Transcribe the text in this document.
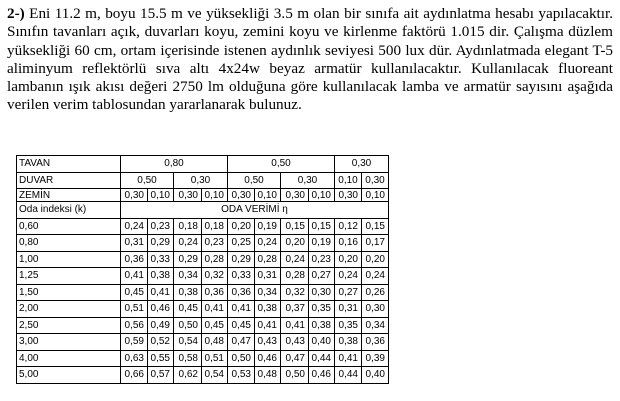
2-) Eni 11.2 m, boyu 15.5 m ve yüksekliği 3.5 m olan bir sınıfa ait aydınlatma hesabı yapılacaktır. Sınıfın tavanları açık, duvarları koyu, zemini koyu ve kirlenme faktörü 1.015 dir. Çalışma düzlem yüksekliği 60 cm, ortam içerisinde istenen aydınlık seviyesi 500 lux dür. Aydınlatmada elegant T-5 aliminyum reflektörlü sıva altı 4x24w beyaz armatür kullanılacaktır. Kullanılacak fluoreant lambanın ışık akısı değeri 2750 lm olduğuna göre kullanılacak lamba ve armatür sayısını aşağıda verilen verim tablosundan yararlanarak bulunuz.
TAVAN	0,80				0,50				0,30	
DUVAR	0,50		0,30		0,50		0,30		0,10	0,30
ZEMİN	0,30	0,10	0,30	0,10	0,30	0,10	0,30	0,10	0,30	0,10
Oda indeksi (k)	ODA VERİMİ η									
0,60	0,24	0,23	0,18	0,18	0,20	0,19	0,15	0,15	0,12	0,15
0,80	0,31	0,29	0,24	0,23	0,25	0,24	0,20	0,19	0,16	0,17
1,00	0,36	0,33	0,29	0,28	0,29	0,28	0,24	0,23	0,20	0,20
1,25	0,41	0,38	0,34	0,32	0,33	0,31	0,28	0,27	0,24	0,24
1,50	0,45	0,41	0,38	0,36	0,36	0,34	0,32	0,30	0,27	0,26
2,00	0,51	0,46	0,45	0,41	0,41	0,38	0,37	0,35	0,31	0,30
2,50	0,56	0,49	0,50	0,45	0,45	0,41	0,41	0,38	0,35	0,34
3,00	0,59	0,52	0,54	0,48	0,47	0,43	0,43	0,40	0,38	0,36
4,00	0,63	0,55	0,58	0,51	0,50	0,46	0,47	0,44	0,41	0,39
5,00	0,66	0,57	0,62	0,54	0,53	0,48	0,50	0,46	0,44	0,40
